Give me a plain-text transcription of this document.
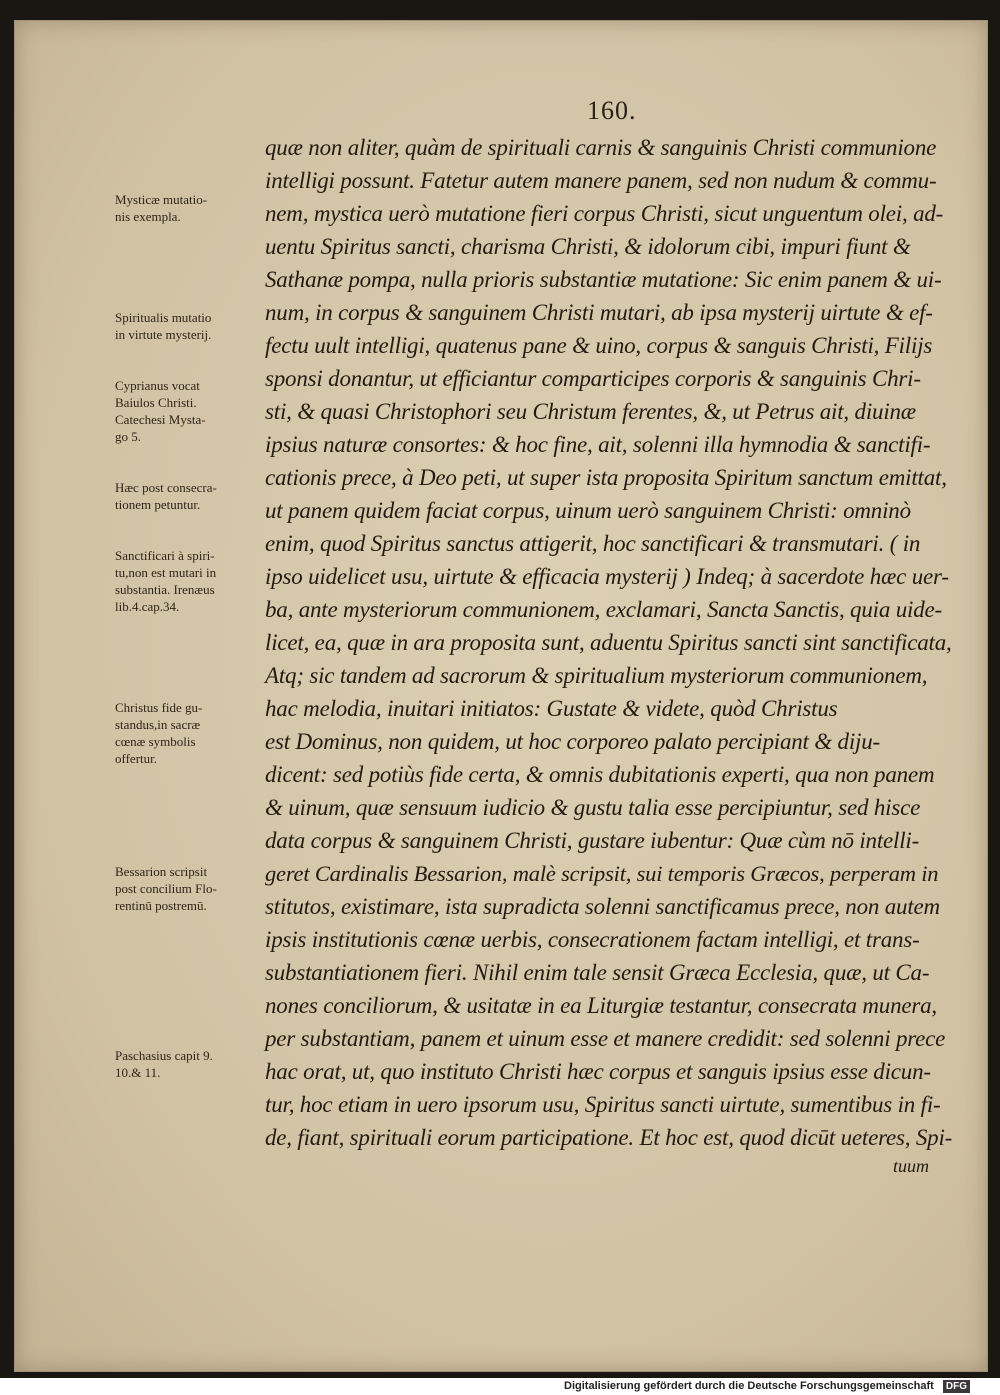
160.
Mysticæ mutatio-
nis exempla.
Spiritualis mutatio
in virtute mysterij.
Cyprianus vocat
Baiulos Christi.
Catechesi Mysta-
go 5.
Hæc post consecra-
tionem petuntur.
Sanctificari à spiri-
tu,non est mutari in
substantia. Irenæus
lib.4.cap.34.
Christus fide gu-
standus,in sacræ
cœnæ symbolis
offertur.
Bessarion scripsit
post concilium Flo-
rentinū postremū.
Paschasius capit 9.
10.& 11.
quæ non aliter, quàm de spirituali carnis & sanguinis Christi communione
intelligi possunt. Fatetur autem manere panem, sed non nudum & commu-
nem, mystica uerò mutatione fieri corpus Christi, sicut unguentum olei, ad-
uentu Spiritus sancti, charisma Christi, & idolorum cibi, impuri fiunt &
Sathanæ pompa, nulla prioris substantiæ mutatione: Sic enim panem & ui-
num, in corpus & sanguinem Christi mutari, ab ipsa mysterij uirtute & ef-
fectu uult intelligi, quatenus pane & uino, corpus & sanguis Christi, Filijs
sponsi donantur, ut efficiantur comparticipes corporis & sanguinis Chri-
sti, & quasi Christophori seu Christum ferentes, &, ut Petrus ait, diuinæ
ipsius naturæ consortes: & hoc fine, ait, solenni illa hymnodia & sanctifi-
cationis prece, à Deo peti, ut super ista proposita Spiritum sanctum emittat,
ut panem quidem faciat corpus, uinum uerò sanguinem Christi: omninò
enim, quod Spiritus sanctus attigerit, hoc sanctificari & transmutari. ( in
ipso uidelicet usu, uirtute & efficacia mysterij ) Indeq; à sacerdote hæc uer-
ba, ante mysteriorum communionem, exclamari, Sancta Sanctis, quia uide-
licet, ea, quæ in ara proposita sunt, aduentu Spiritus sancti sint sanctificata,
Atq; sic tandem ad sacrorum & spiritualium mysteriorum communionem,
hac melodia, inuitari initiatos: Gustate & videte, quòd Christus
est Dominus, non quidem, ut hoc corporeo palato percipiant & diju-
dicent: sed potiùs fide certa, & omnis dubitationis experti, qua non panem
& uinum, quæ sensuum iudicio & gustu talia esse percipiuntur, sed hisce
data corpus & sanguinem Christi, gustare iubentur: Quæ cùm nō intelli-
geret Cardinalis Bessarion, malè scripsit, sui temporis Græcos, perperam in
stitutos, existimare, ista supradicta solenni sanctificamus prece, non autem
ipsis institutionis cœnæ uerbis, consecrationem factam intelligi, et trans-
substantiationem fieri. Nihil enim tale sensit Græca Ecclesia, quæ, ut Ca-
nones conciliorum, & usitatæ in ea Liturgiæ testantur, consecrata munera,
per substantiam, panem et uinum esse et manere credidit: sed solenni prece
hac orat, ut, quo instituto Christi hæc corpus et sanguis ipsius esse dicun-
tur, hoc etiam in uero ipsorum usu, Spiritus sancti uirtute, sumentibus in fi-
de, fiant, spirituali eorum participatione. Et hoc est, quod dicūt ueteres, Spi-
tuum
Digitalisierung gefördert durch die Deutsche Forschungsgemeinschaft DFG
